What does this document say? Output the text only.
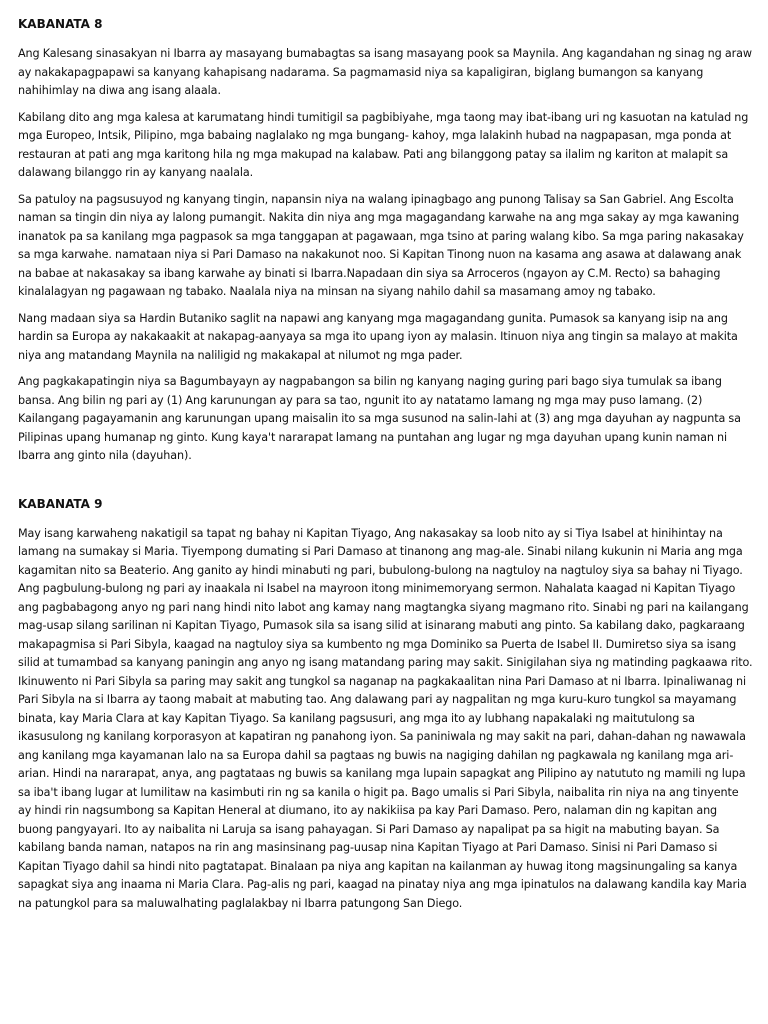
KABANATA 8

Ang Kalesang sinasakyan ni Ibarra ay masayang bumabagtas sa isang masayang pook sa Maynila. Ang kagandahan ng sinag ng araw ay nakakapagpapawi sa kanyang kahapisang nadarama. Sa pagmamasid niya sa kapaligiran, biglang bumangon sa kanyang nahihimlay na diwa ang isang alaala.

Kabilang dito ang mga kalesa at karumatang hindi tumitigil sa pagbibiyahe, mga taong may ibat-ibang uri ng kasuotan na katulad ng mga Europeo, Intsik, Pilipino, mga babaing naglalako ng mga bungang- kahoy, mga lalakinh hubad na nagpapasan, mga ponda at restauran at pati ang mga karitong hila ng mga makupad na kalabaw. Pati ang bilanggong patay sa ilalim ng kariton at malapit sa dalawang bilanggo rin ay kanyang naalala.

Sa patuloy na pagsusuyod ng kanyang tingin, napansin niya na walang ipinagbago ang punong Talisay sa San Gabriel. Ang Escolta naman sa tingin din niya ay lalong pumangit. Nakita din niya ang mga magagandang karwahe na ang mga sakay ay mga kawaning inanatok pa sa kanilang mga pagpasok sa mga tanggapan at pagawaan, mga tsino at paring walang kibo. Sa mga paring nakasakay sa mga karwahe. namataan niya si Pari Damaso na nakakunot noo. Si Kapitan Tinong nuon na kasama ang asawa at dalawang anak na babae at nakasakay sa ibang karwahe ay binati si Ibarra.Napadaan din siya sa Arroceros (ngayon ay C.M. Recto) sa bahaging kinalalagyan ng pagawaan ng tabako. Naalala niya na minsan na siyang nahilo dahil sa masamang amoy ng tabako.

Nang madaan siya sa Hardin Butaniko saglit na napawi ang kanyang mga magagandang gunita. Pumasok sa kanyang isip na ang hardin sa Europa ay nakakaakit at nakapag-aanyaya sa mga ito upang iyon ay malasin. Itinuon niya ang tingin sa malayo at makita niya ang matandang Maynila na naliligid ng makakapal at nilumot ng mga pader.

Ang pagkakapatingin niya sa Bagumbayayn ay nagpabangon sa bilin ng kanyang naging guring pari bago siya tumulak sa ibang bansa. Ang bilin ng pari ay (1) Ang karunungan ay para sa tao, ngunit ito ay natatamo lamang ng mga may puso lamang. (2) Kailangang pagayamanin ang karunungan upang maisalin ito sa mga susunod na salin-lahi at (3) ang mga dayuhan ay nagpunta sa Pilipinas upang humanap ng ginto. Kung kaya't nararapat lamang na puntahan ang lugar ng mga dayuhan upang kunin naman ni Ibarra ang ginto nila (dayuhan).

KABANATA 9

May isang karwaheng nakatigil sa tapat ng bahay ni Kapitan Tiyago, Ang nakasakay sa loob nito ay si Tiya Isabel at hinihintay na lamang na sumakay si Maria. Tiyempong dumating si Pari Damaso at tinanong ang mag-ale. Sinabi nilang kukunin ni Maria ang mga kagamitan nito sa Beaterio. Ang ganito ay hindi minabuti ng pari, bubulong-bulong na nagtuloy na nagtuloy siya sa bahay ni Tiyago. Ang pagbulung-bulong ng pari ay inaakala ni Isabel na mayroon itong minimemoryang sermon. Nahalata kaagad ni Kapitan Tiyago ang pagbabagong anyo ng pari nang hindi nito labot ang kamay nang magtangka siyang magmano rito. Sinabi ng pari na kailangang mag-usap silang sarilinan ni Kapitan Tiyago, Pumasok sila sa isang silid at isinarang mabuti ang pinto. Sa kabilang dako, pagkaraang makapagmisa si Pari Sibyla, kaagad na nagtuloy siya sa kumbento ng mga Dominiko sa Puerta de Isabel II. Dumiretso siya sa isang silid at tumambad sa kanyang paningin ang anyo ng isang matandang paring may sakit. Sinigilahan siya ng matinding pagkaawa rito. Ikinuwento ni Pari Sibyla sa paring may sakit ang tungkol sa naganap na pagkakaalitan nina Pari Damaso at ni Ibarra. Ipinaliwanag ni Pari Sibyla na si Ibarra ay taong mabait at mabuting tao. Ang dalawang pari ay nagpalitan ng mga kuru-kuro tungkol sa mayamang binata, kay Maria Clara at kay Kapitan Tiyago. Sa kanilang pagsusuri, ang mga ito ay lubhang napakalaki ng maitutulong sa ikasusulong ng kanilang korporasyon at kapatiran ng panahong iyon. Sa paniniwala ng may sakit na pari, dahan-dahan ng nawawala ang kanilang mga kayamanan lalo na sa Europa dahil sa pagtaas ng buwis na nagiging dahilan ng pagkawala ng kanilang mga ari-arian. Hindi na nararapat, anya, ang pagtataas ng buwis sa kanilang mga lupain sapagkat ang Pilipino ay natututo ng mamili ng lupa sa iba't ibang lugar at lumilitaw na kasimbuti rin ng sa kanila o higit pa. Bago umalis si Pari Sibyla, naibalita rin niya na ang tinyente ay hindi rin nagsumbong sa Kapitan Heneral at diumano, ito ay nakikiisa pa kay Pari Damaso. Pero, nalaman din ng kapitan ang buong pangyayari. Ito ay naibalita ni Laruja sa isang pahayagan. Si Pari Damaso ay napalipat pa sa higit na mabuting bayan. Sa kabilang banda naman, natapos na rin ang masinsinang pag-uusap nina Kapitan Tiyago at Pari Damaso. Sinisi ni Pari Damaso si Kapitan Tiyago dahil sa hindi nito pagtatapat. Binalaan pa niya ang kapitan na kailanman ay huwag itong magsinungaling sa kanya sapagkat siya ang inaama ni Maria Clara. Pag-alis ng pari, kaagad na pinatay niya ang mga ipinatulos na dalawang kandila kay Maria na patungkol para sa maluwalhating paglalakbay ni Ibarra patungong San Diego.
